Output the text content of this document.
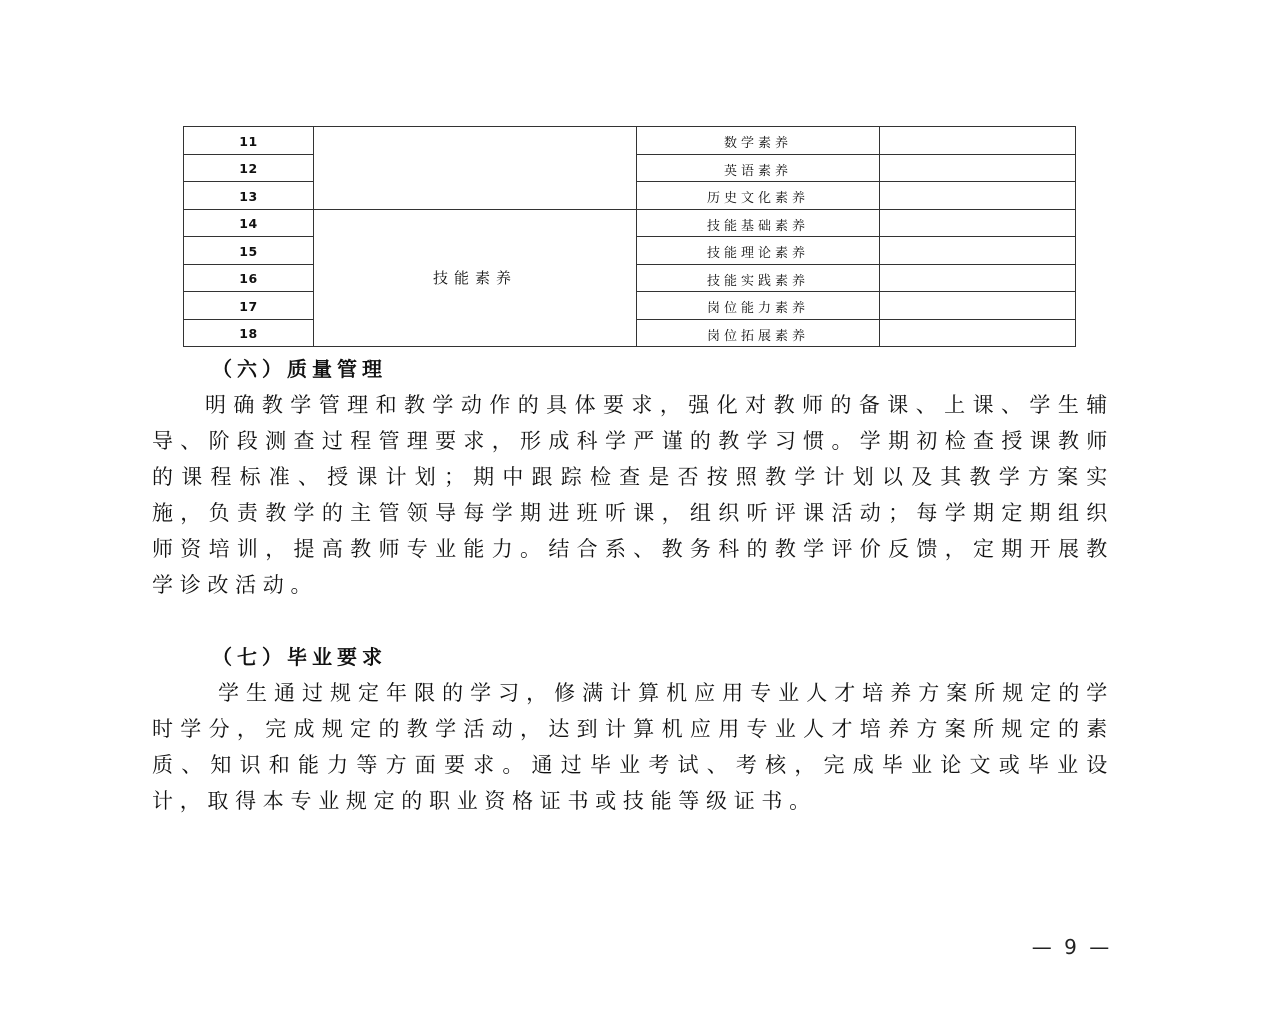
11		数学素养	
12		英语素养	
13		历史文化素养	
14	技能素养	技能基础素养	
15		技能理论素养	
16		技能实践素养	
17		岗位能力素养	
18		岗位拓展素养	

（六）质量管理

明确教学管理和教学动作的具体要求，强化对教师的备课、上课、学生辅导、阶段测查过程管理要求，形成科学严谨的教学习惯。学期初检查授课教师的课程标准、授课计划；期中跟踪检查是否按照教学计划以及其教学方案实施，负责教学的主管领导每学期进班听课，组织听评课活动；每学期定期组织师资培训，提高教师专业能力。结合系、教务科的教学评价反馈，定期开展教学诊改活动。

（七）毕业要求

学生通过规定年限的学习，修满计算机应用专业人才培养方案所规定的学时学分，完成规定的教学活动，达到计算机应用专业人才培养方案所规定的素质、知识和能力等方面要求。通过毕业考试、考核，完成毕业论文或毕业设计，取得本专业规定的职业资格证书或技能等级证书。

— 9 —
